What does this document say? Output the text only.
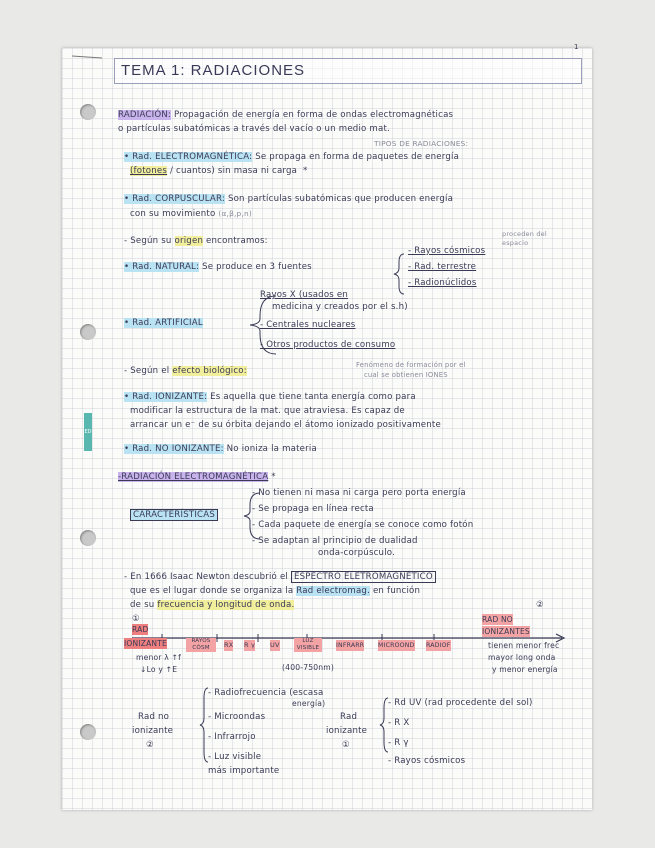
ED
1
TEMA 1: RADIACIONES
RADIACIÓN: Propagación de energía en forma de ondas electromagnéticas
o partículas subatómicas a través del vacío o un medio mat.
TIPOS DE RADIACIONES:
• Rad. ELECTROMAGNÉTICA: Se propaga en forma de paquetes de energía
(fotones / cuantos) sin masa ni carga *
• Rad. CORPUSCULAR: Son partículas subatómicas que producen energía
con su movimiento (α,β,p,n)
- Según su origen encontramos:
proceden del espacio
• Rad. NATURAL: Se produce en 3 fuentes
- Rayos cósmicos
- Rad. terrestre
- Radionúclidos
• Rad. ARTIFICIAL
Rayos X (usados en
medicina y creados por el s.h)
- Centrales nucleares
- Otros productos de consumo
- Según el efecto biológico:
Fenómeno de formación por el
cual se obtienen IONES
• Rad. IONIZANTE: Es aquella que tiene tanta energía como para
modificar la estructura de la mat. que atraviesa. Es capaz de
arrancar un e⁻ de su órbita dejando el átomo ionizado positivamente
• Rad. NO IONIZANTE: No ioniza la materia
-RADIACIÓN ELECTROMAGNÉTICA *
CARACTERÍSTICAS
- No tienen ni masa ni carga pero porta energía
- Se propaga en línea recta
- Cada paquete de energía se conoce como fotón
- Se adaptan al principio de dualidad
onda-corpúsculo.
- En 1666 Isaac Newton descubrió el ESPECTRO ELETROMAGNÉTICO
que es el lugar donde se organiza la Rad electromag. en función
de su frecuencia y longitud de onda.
①
②
RAD
IONIZANTE
RAD NO
IONIZANTES
RAYOS CÓSM	RX R γ UV	LUZ VISIBLE	INFRARR MICROOND RADIOF
menor λ ↑f
↓Lo y ↑E	(400-750nm)
tienen menor frec
mayor long onda
y menor energía
Rad no
ionizante
②
- Radiofrecuencia (escasa
energía)
- Microondas
- Infrarrojo
- Luz visible
más importante
Rad
ionizante
①
- Rd UV (rad procedente del sol)
- R X
- R γ
- Rayos cósmicos
